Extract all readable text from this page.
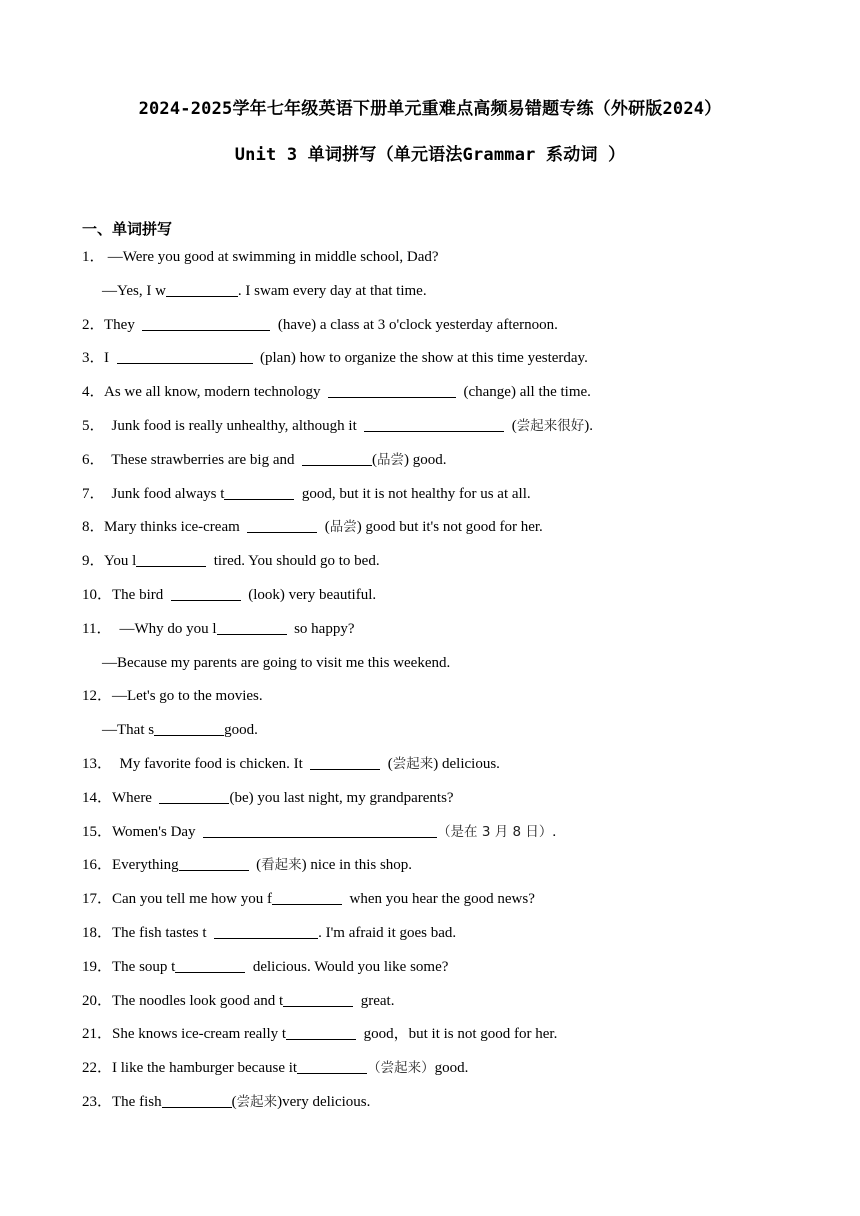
2024-2025学年七年级英语下册单元重难点高频易错题专练（外研版2024）
Unit 3 单词拼写（单元语法Grammar 系动词 ）
一、单词拼写
1． —Were you good at swimming in middle school, Dad?
—Yes, I w	. I swam every day at that time.
2． They	(have) a class at 3 o'clock yesterday afternoon.
3． I	(plan) how to organize the show at this time yesterday.
4． As we all know, modern technology	(change) all the time.
5． Junk food is really unhealthy, although it	(尝起来很好).
6． These strawberries are big and	(品尝) good.
7． Junk food always t	good, but it is not healthy for us at all.
8． Mary thinks ice-cream	(品尝) good but it's not good for her.
9． You l	tired. You should go to bed.
10． The bird	(look) very beautiful.
11． —Why do you l	so happy?
—Because my parents are going to visit me this weekend.
12． —Let's go to the movies.
—That s	good.
13． My favorite food is chicken. It	(尝起来) delicious.
14． Where	(be) you last night, my grandparents?
15． Women's Day	（是在 3 月 8 日）.
16． Everything	(看起来) nice in this shop.
17． Can you tell me how you f	when you hear the good news?
18． The fish tastes t	. I'm afraid it goes bad.
19． The soup t	delicious. Would you like some?
20． The noodles look good and t	great.
21． She knows ice-cream really t	good，but it is not good for her.
22． I like the hamburger because it	（尝起来）good.
23． The fish	(尝起来)very delicious.
